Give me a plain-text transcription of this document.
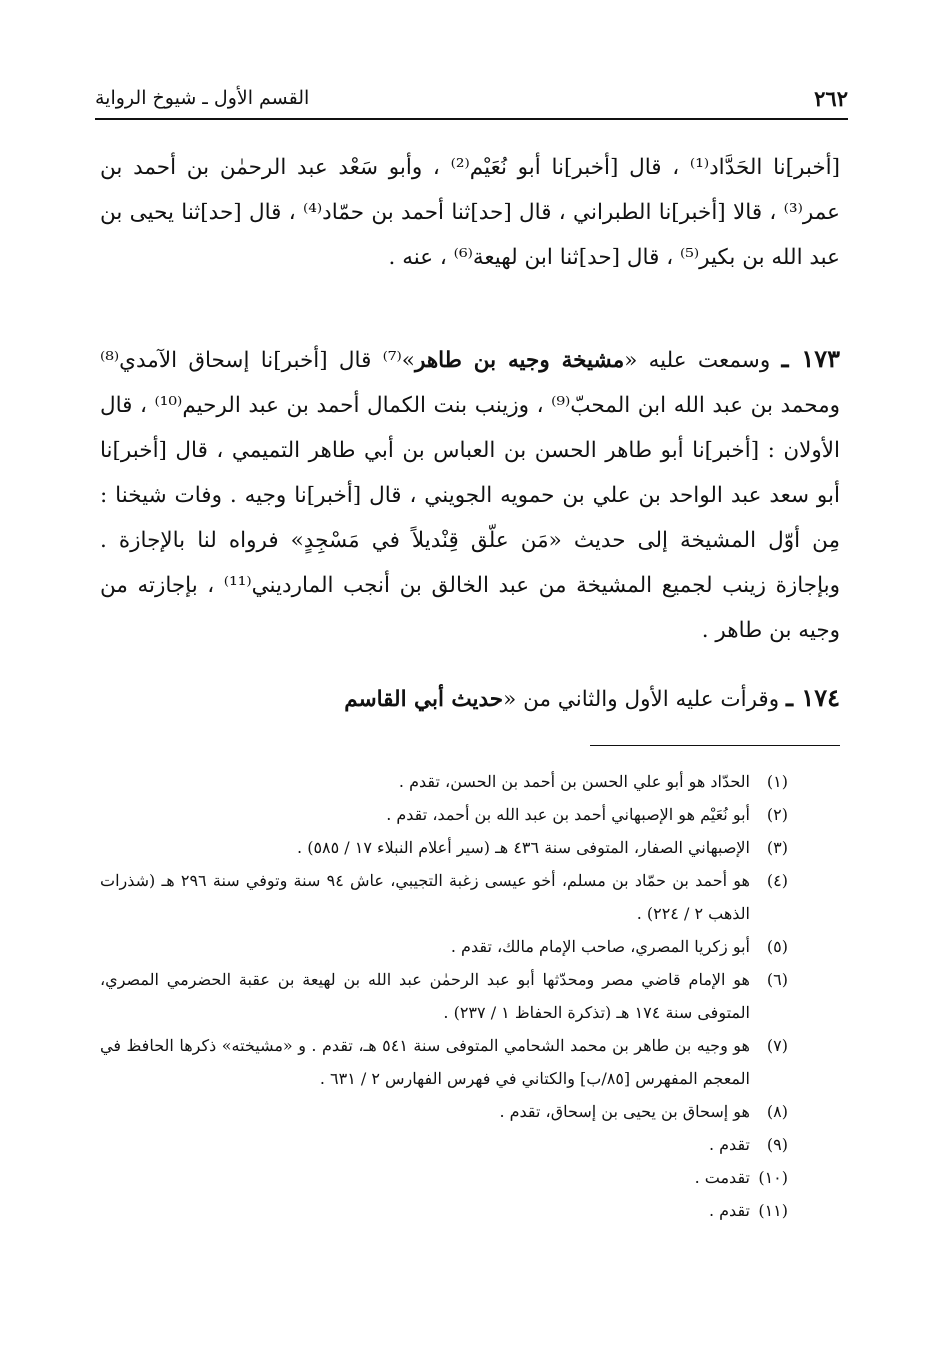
٢٦٢
القسم الأول ـ شيوخ الرواية

[أخبر]نا الحَدَّاد⁽¹⁾ ، قال [أخبر]نا أبو نُعَيْم⁽²⁾ ، وأبو سَعْد عبد الرحمٰن بن أحمد بن عمر⁽³⁾ ، قالا [أخبر]نا الطبراني ، قال [حد]ثنا أحمد بن حمّاد⁽⁴⁾ ، قال [حد]ثنا يحيى بن عبد الله بن بكير⁽⁵⁾ ، قال [حد]ثنا ابن لهيعة⁽⁶⁾ ، عنه .

١٧٣ ـ وسمعت عليه «مشيخة وجيه بن طاهر»⁽⁷⁾ قال [أخبر]نا إسحاق الآمدي⁽⁸⁾ ومحمد بن عبد الله ابن المحبّ⁽⁹⁾ ، وزينب بنت الكمال أحمد بن عبد الرحيم⁽¹⁰⁾ ، قال الأولان : [أخبر]نا أبو طاهر الحسن بن العباس بن أبي طاهر التميمي ، قال [أخبر]نا أبو سعد عبد الواحد بن علي بن حمويه الجويني ، قال [أخبر]نا وجيه . وفات شيخنا : مِن أوّل المشيخة إلى حديث «مَن علّق قِنْديلاً في مَسْجِدٍ» فرواه لنا بالإجازة . وبإجازة زينب لجميع المشيخة من عبد الخالق بن أنجب المارديني⁽¹¹⁾ ، بإجازته من وجيه بن طاهر .

١٧٤ ـ وقرأت عليه الأول والثاني من «حديث أبي القاسم

(١)
الحدّاد هو أبو علي الحسن بن أحمد بن الحسن، تقدم .
(٢)
أبو نُعَيْم هو الإصبهاني أحمد بن عبد الله بن أحمد، تقدم .
(٣)
الإصبهاني الصفار، المتوفى سنة ٤٣٦ هـ (سير أعلام النبلاء ١٧ / ٥٨٥) .
(٤)
هو أحمد بن حمّاد بن مسلم، أخو عيسى زغبة التجيبي، عاش ٩٤ سنة وتوفي سنة ٢٩٦ هـ (شذرات الذهب ٢ / ٢٢٤) .
(٥)
أبو زكريا المصري، صاحب الإمام مالك، تقدم .
(٦)
هو الإمام قاضي مصر ومحدّثها أبو عبد الرحمٰن عبد الله بن لهيعة بن عقبة الحضرمي المصري، المتوفى سنة ١٧٤ هـ (تذكرة الحفاظ ١ / ٢٣٧) .
(٧)
هو وجيه بن طاهر بن محمد الشحامي المتوفى سنة ٥٤١ هـ، تقدم . و «مشيخته» ذكرها الحافظ في المعجم المفهرس [٨٥/ب] والكتاني في فهرس الفهارس ٢ / ٦٣١ .
(٨)
هو إسحاق بن يحيى بن إسحاق، تقدم .
(٩)
تقدم .
(١٠)
تقدمت .
(١١)
تقدم .
